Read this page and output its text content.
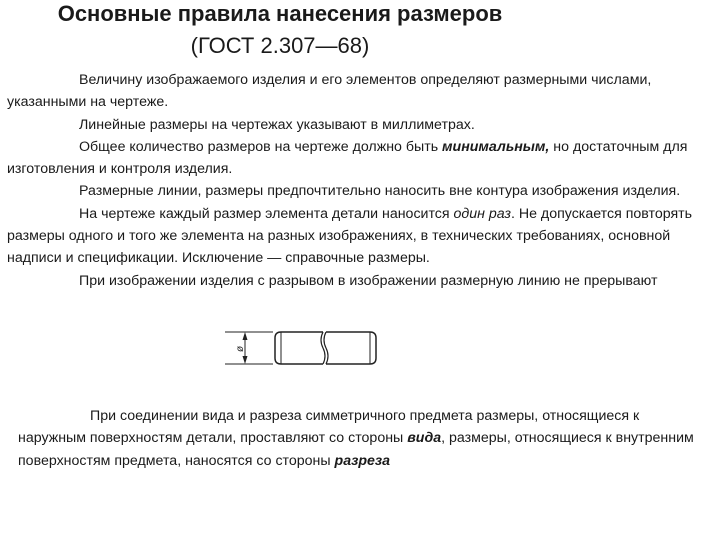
Основные правила нанесения размеров
(ГОСТ 2.307—68)

Величину изображаемого изделия и его элементов определяют размерными числами, указанными на чертеже.

Линейные размеры на чертежах указывают в миллиметрах.

Общее количество размеров на чертеже должно быть минимальным, но достаточным для изготовления и контроля изделия.

Размерные линии, размеры предпочтительно наносить вне контура изображения изделия.

На чертеже каждый размер элемента детали наносится один раз. Не допускается повторять размеры одного и того же элемента на разных изображениях, в технических требованиях, основной надписи и спецификации. Исключение — справочные размеры.

При изображении изделия с разрывом в изображении размерную линию не прерывают

ø

При соединении вида и разреза симметричного предмета размеры, относящиеся к наружным поверхностям детали, проставляют со стороны вида, размеры, относящиеся к внутренним поверхностям предмета, наносятся со стороны разреза
